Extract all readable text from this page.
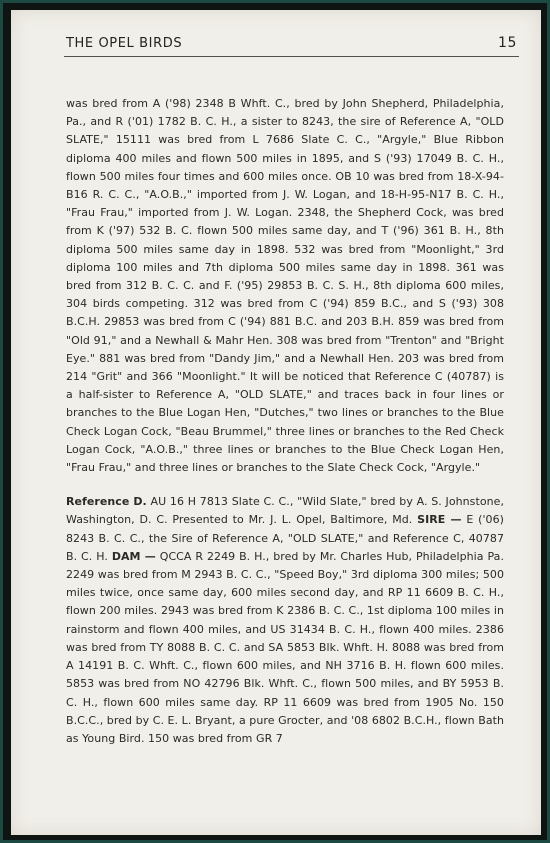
THE OPEL BIRDS	15

was bred from A ('98) 2348 B Whft. C., bred by John Shepherd, Philadelphia, Pa., and R ('01) 1782 B. C. H., a sister to 8243, the sire of Reference A, "OLD SLATE," 15111 was bred from L 7686 Slate C. C., "Argyle," Blue Ribbon diploma 400 miles and flown 500 miles in 1895, and S ('93) 17049 B. C. H., flown 500 miles four times and 600 miles once. OB 10 was bred from 18-X-94-B16 R. C. C., "A.O.B.," imported from J. W. Logan, and 18-H-95-N17 B. C. H., "Frau Frau," imported from J. W. Logan. 2348, the Shepherd Cock, was bred from K ('97) 532 B. C. flown 500 miles same day, and T ('96) 361 B. H., 8th diploma 500 miles same day in 1898. 532 was bred from "Moonlight," 3rd diploma 100 miles and 7th diploma 500 miles same day in 1898. 361 was bred from 312 B. C. C. and F. ('95) 29853 B. C. S. H., 8th diploma 600 miles, 304 birds competing. 312 was bred from C ('94) 859 B.C., and S ('93) 308 B.C.H. 29853 was bred from C ('94) 881 B.C. and 203 B.H. 859 was bred from "Old 91," and a Newhall & Mahr Hen. 308 was bred from "Trenton" and "Bright Eye." 881 was bred from "Dandy Jim," and a Newhall Hen. 203 was bred from 214 "Grit" and 366 "Moonlight." It will be noticed that Reference C (40787) is a half-sister to Reference A, "OLD SLATE," and traces back in four lines or branches to the Blue Logan Hen, "Dutches," two lines or branches to the Blue Check Logan Cock, "Beau Brummel," three lines or branches to the Red Check Logan Cock, "A.O.B.," three lines or branches to the Blue Check Logan Hen, "Frau Frau," and three lines or branches to the Slate Check Cock, "Argyle."

Reference D. AU 16 H 7813 Slate C. C., "Wild Slate," bred by A. S. Johnstone, Washington, D. C. Presented to Mr. J. L. Opel, Baltimore, Md. SIRE — E ('06) 8243 B. C. C., the Sire of Reference A, "OLD SLATE," and Reference C, 40787 B. C. H. DAM — QCCA R 2249 B. H., bred by Mr. Charles Hub, Philadelphia Pa. 2249 was bred from M 2943 B. C. C., "Speed Boy," 3rd diploma 300 miles; 500 miles twice, once same day, 600 miles second day, and RP 11 6609 B. C. H., flown 200 miles. 2943 was bred from K 2386 B. C. C., 1st diploma 100 miles in rainstorm and flown 400 miles, and US 31434 B. C. H., flown 400 miles. 2386 was bred from TY 8088 B. C. C. and SA 5853 Blk. Whft. H. 8088 was bred from A 14191 B. C. Whft. C., flown 600 miles, and NH 3716 B. H. flown 600 miles. 5853 was bred from NO 42796 Blk. Whft. C., flown 500 miles, and BY 5953 B. C. H., flown 600 miles same day. RP 11 6609 was bred from 1905 No. 150 B.C.C., bred by C. E. L. Bryant, a pure Grocter, and '08 6802 B.C.H., flown Bath as Young Bird. 150 was bred from GR 7
